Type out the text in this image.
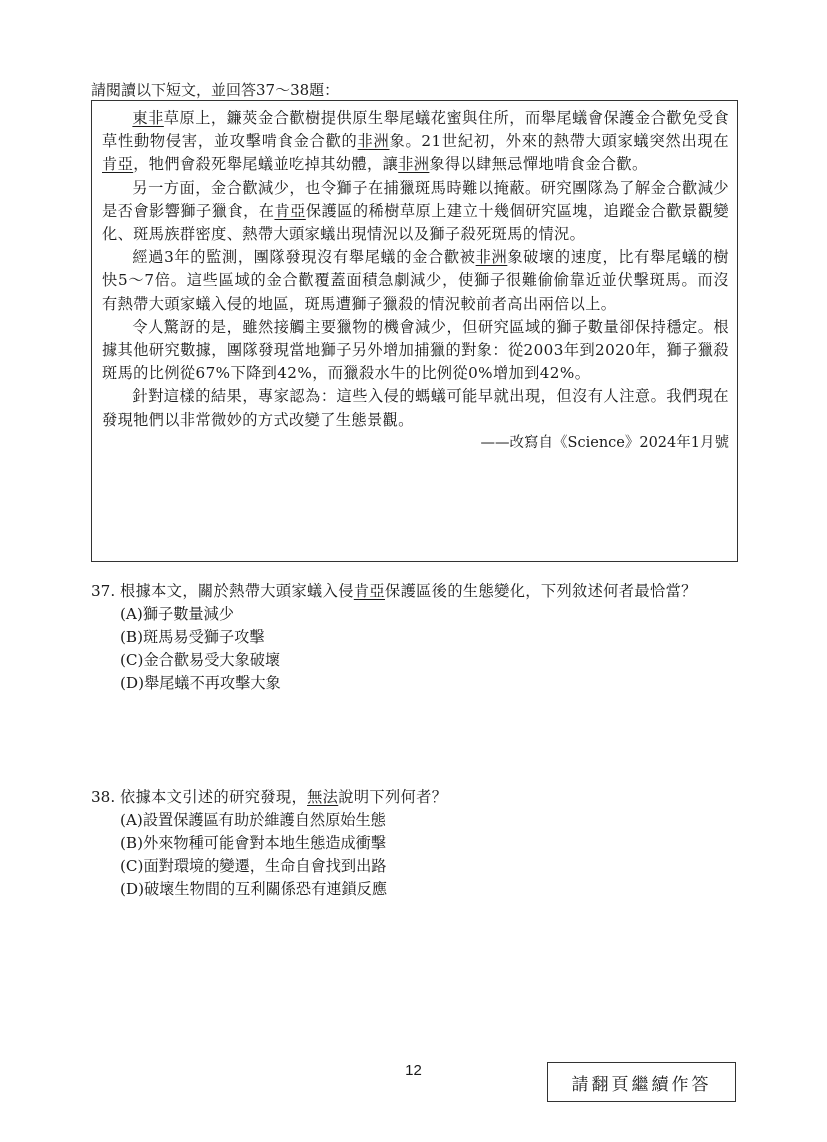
請閱讀以下短文，並回答37～38題：

東非草原上，鐮莢金合歡樹提供原生舉尾蟻花蜜與住所，而舉尾蟻會保護金合歡免受食草性動物侵害，並攻擊啃食金合歡的非洲象。21世紀初，外來的熱帶大頭家蟻突然出現在肯亞，牠們會殺死舉尾蟻並吃掉其幼體，讓非洲象得以肆無忌憚地啃食金合歡。

另一方面，金合歡減少，也令獅子在捕獵斑馬時難以掩蔽。研究團隊為了解金合歡減少是否會影響獅子獵食，在肯亞保護區的稀樹草原上建立十幾個研究區塊，追蹤金合歡景觀變化、斑馬族群密度、熱帶大頭家蟻出現情況以及獅子殺死斑馬的情況。

經過3年的監測，團隊發現沒有舉尾蟻的金合歡被非洲象破壞的速度，比有舉尾蟻的樹快5～7倍。這些區域的金合歡覆蓋面積急劇減少，使獅子很難偷偷靠近並伏擊斑馬。而沒有熱帶大頭家蟻入侵的地區，斑馬遭獅子獵殺的情況較前者高出兩倍以上。

令人驚訝的是，雖然接觸主要獵物的機會減少，但研究區域的獅子數量卻保持穩定。根據其他研究數據，團隊發現當地獅子另外增加捕獵的對象：從2003年到2020年，獅子獵殺斑馬的比例從67%下降到42%，而獵殺水牛的比例從0%增加到42%。

針對這樣的結果，專家認為：這些入侵的螞蟻可能早就出現，但沒有人注意。我們現在發現牠們以非常微妙的方式改變了生態景觀。

——改寫自《Science》2024年1月號

37. 根據本文，關於熱帶大頭家蟻入侵肯亞保護區後的生態變化，下列敘述何者最恰當？
(A)獅子數量減少
(B)斑馬易受獅子攻擊
(C)金合歡易受大象破壞
(D)舉尾蟻不再攻擊大象
38. 依據本文引述的研究發現，無法說明下列何者？
(A)設置保護區有助於維護自然原始生態
(B)外來物種可能會對本地生態造成衝擊
(C)面對環境的變遷，生命自會找到出路
(D)破壞生物間的互利關係恐有連鎖反應
12
請翻頁繼續作答
